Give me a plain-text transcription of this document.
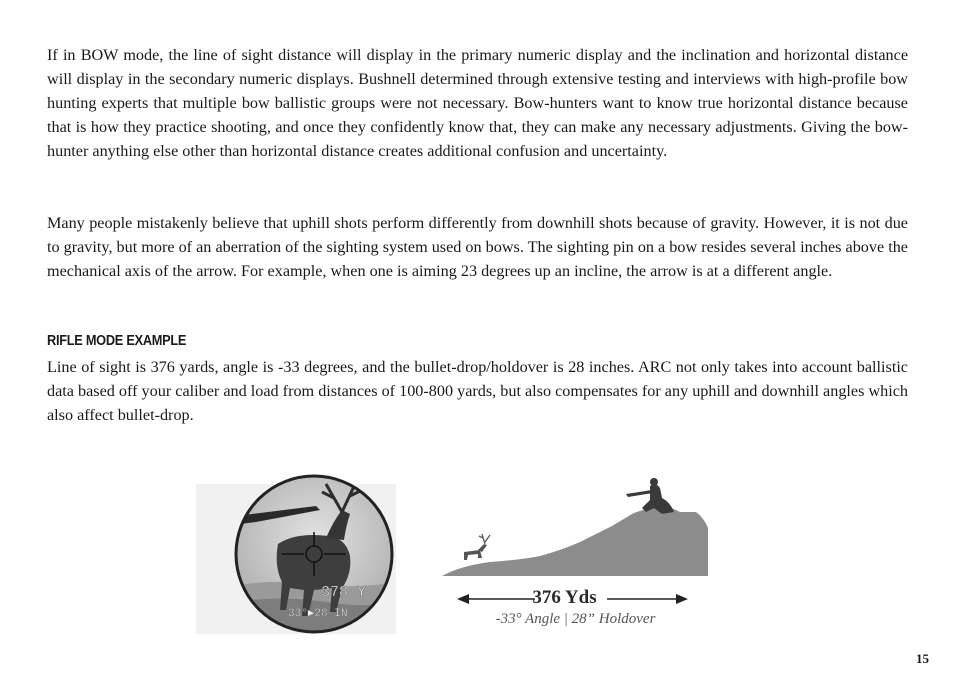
If in BOW mode, the line of sight distance will display in the primary numeric display and the inclination and horizontal distance will display in the secondary numeric displays. Bushnell determined through extensive testing and interviews with high-profile bow hunting experts that multiple bow ballistic groups were not necessary. Bow-hunters want to know true horizontal distance because that is how they practice shooting, and once they confidently know that, they can make any necessary adjustments. Giving the bow-hunter anything else other than horizontal distance creates additional confusion and uncertainty.

Many people mistakenly believe that uphill shots perform differently from downhill shots because of gravity. However, it is not due to gravity, but more of an aberration of the sighting system used on bows. The sighting pin on a bow resides several inches above the mechanical axis of the arrow. For example, when one is aiming 23 degrees up an incline, the arrow is at a different angle.

RIFLE MODE EXAMPLE

Line of sight is 376 yards, angle is -33 degrees, and the bullet-drop/holdover is 28 inches. ARC not only takes into account ballistic data based off your caliber and load from distances of 100-800 yards, but also compensates for any uphill and downhill angles which also affect bullet-drop.

378 Y
33°▶28 IN
376 Yds
-33° Angle | 28” Holdover
15
